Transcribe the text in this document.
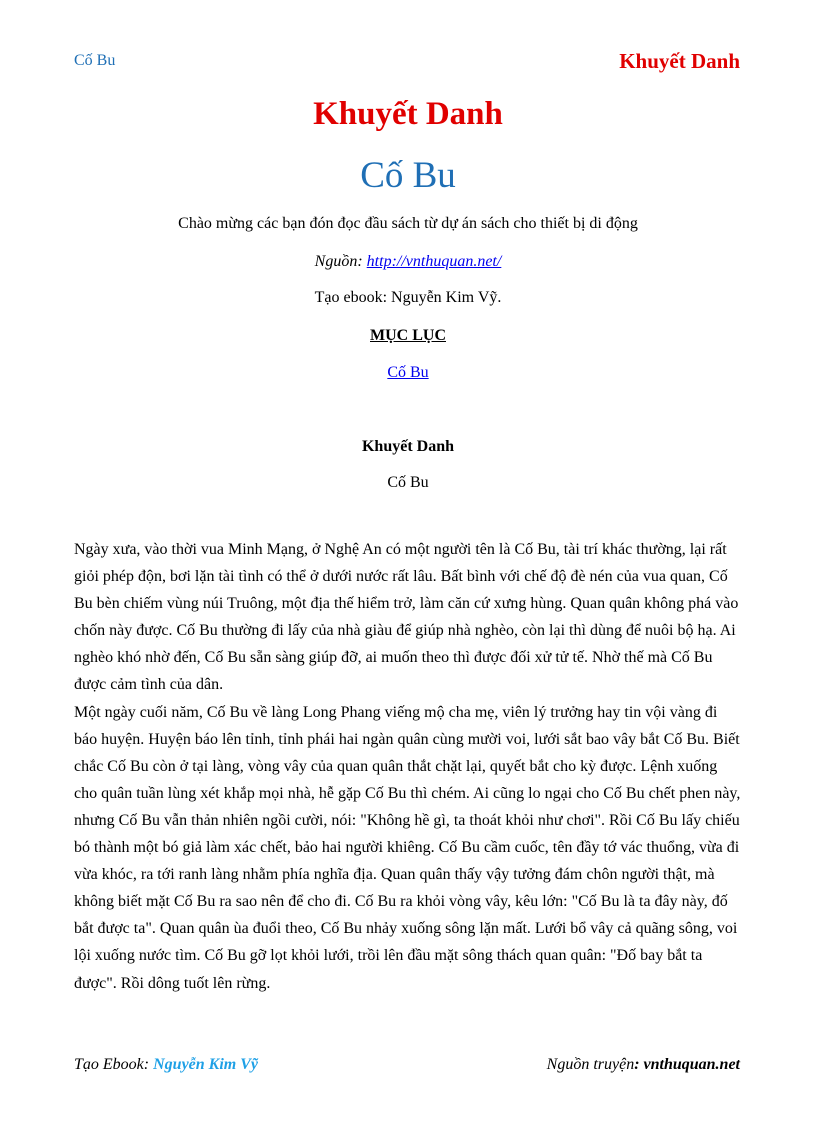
Cố Bu	Khuyết Danh
Khuyết Danh
Cố Bu
Chào mừng các bạn đón đọc đầu sách từ dự án sách cho thiết bị di động
Nguồn: http://vnthuquan.net/
Tạo ebook: Nguyễn Kim Vỹ.
MỤC LỤC
Cố Bu
Khuyết Danh
Cố Bu

Ngày xưa, vào thời vua Minh Mạng, ở Nghệ An có một người tên là Cố Bu, tài trí khác thường, lại rất giỏi phép độn, bơi lặn tài tình có thể ở dưới nước rất lâu. Bất bình với chế độ đè nén của vua quan, Cố Bu bèn chiếm vùng núi Truông, một địa thế hiểm trở, làm căn cứ xưng hùng. Quan quân không phá vào chốn này được. Cố Bu thường đi lấy của nhà giàu để giúp nhà nghèo, còn lại thì dùng để nuôi bộ hạ. Ai nghèo khó nhờ đến, Cố Bu sẵn sàng giúp đỡ, ai muốn theo thì được đối xử tử tế. Nhờ thế mà Cố Bu được cảm tình của dân.

Một ngày cuối năm, Cố Bu về làng Long Phang viếng mộ cha mẹ, viên lý trưởng hay tin vội vàng đi báo huyện. Huyện báo lên tỉnh, tỉnh phái hai ngàn quân cùng mười voi, lưới sắt bao vây bắt Cố Bu. Biết chắc Cố Bu còn ở tại làng, vòng vây của quan quân thắt chặt lại, quyết bắt cho kỳ được. Lệnh xuống cho quân tuần lùng xét khắp mọi nhà, hễ gặp Cố Bu thì chém. Ai cũng lo ngại cho Cố Bu chết phen này, nhưng Cố Bu vẫn thản nhiên ngồi cười, nói: "Không hề gì, ta thoát khỏi như chơi". Rồi Cố Bu lấy chiếu bó thành một bó giả làm xác chết, bảo hai người khiêng. Cố Bu cầm cuốc, tên đầy tớ vác thuổng, vừa đi vừa khóc, ra tới ranh làng nhằm phía nghĩa địa. Quan quân thấy vậy tưởng đám chôn người thật, mà không biết mặt Cố Bu ra sao nên để cho đi. Cố Bu ra khỏi vòng vây, kêu lớn: "Cố Bu là ta đây này, đố bắt được ta". Quan quân ùa đuổi theo, Cố Bu nhảy xuống sông lặn mất. Lưới bổ vây cả quãng sông, voi lội xuống nước tìm. Cố Bu gỡ lọt khỏi lưới, trồi lên đầu mặt sông thách quan quân: "Đố bay bắt ta được". Rồi dông tuốt lên rừng.

Tạo Ebook: Nguyễn Kim Vỹ	Nguồn truyện: vnthuquan.net
